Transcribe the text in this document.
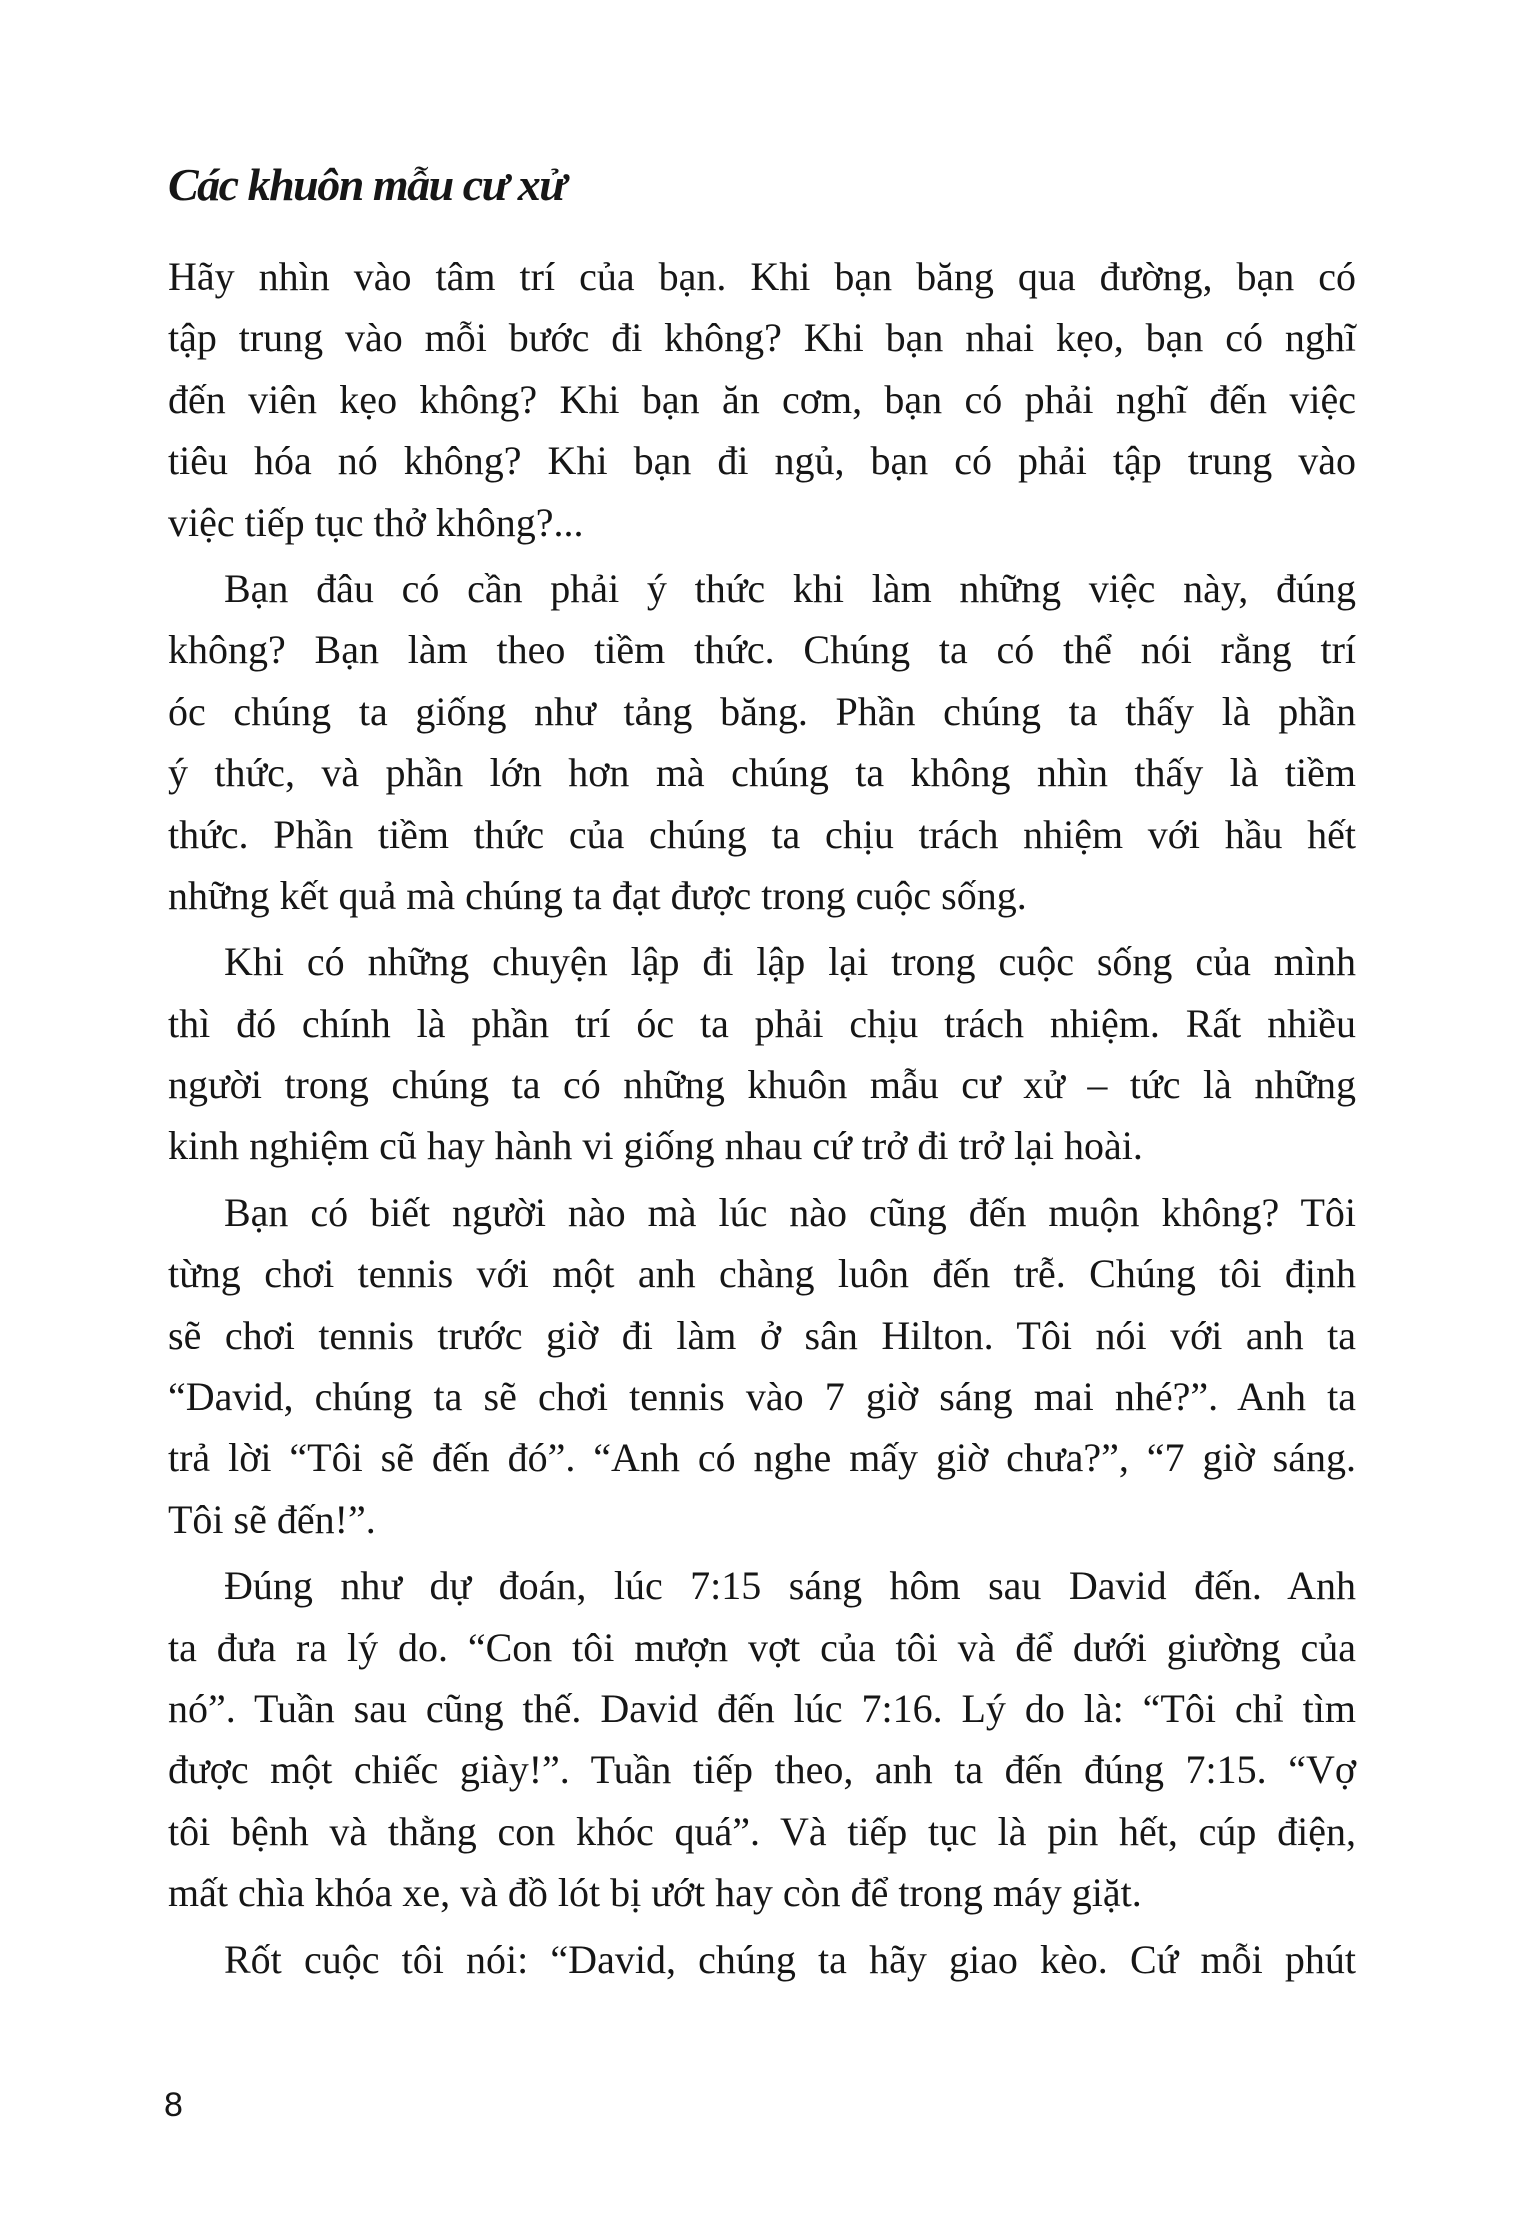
Các khuôn mẫu cư xử
Hãy nhìn vào tâm trí của bạn. Khi bạn băng qua đường, bạn có
tập trung vào mỗi bước đi không? Khi bạn nhai kẹo, bạn có nghĩ
đến viên kẹo không? Khi bạn ăn cơm, bạn có phải nghĩ đến việc
tiêu hóa nó không? Khi bạn đi ngủ, bạn có phải tập trung vào
việc tiếp tục thở không?...
Bạn đâu có cần phải ý thức khi làm những việc này, đúng
không? Bạn làm theo tiềm thức. Chúng ta có thể nói rằng trí
óc chúng ta giống như tảng băng. Phần chúng ta thấy là phần
ý thức, và phần lớn hơn mà chúng ta không nhìn thấy là tiềm
thức. Phần tiềm thức của chúng ta chịu trách nhiệm với hầu hết
những kết quả mà chúng ta đạt được trong cuộc sống.
Khi có những chuyện lập đi lập lại trong cuộc sống của mình
thì đó chính là phần trí óc ta phải chịu trách nhiệm. Rất nhiều
người trong chúng ta có những khuôn mẫu cư xử – tức là những
kinh nghiệm cũ hay hành vi giống nhau cứ trở đi trở lại hoài.
Bạn có biết người nào mà lúc nào cũng đến muộn không? Tôi
từng chơi tennis với một anh chàng luôn đến trễ. Chúng tôi định
sẽ chơi tennis trước giờ đi làm ở sân Hilton. Tôi nói với anh ta
“David, chúng ta sẽ chơi tennis vào 7 giờ sáng mai nhé?”. Anh ta
trả lời “Tôi sẽ đến đó”. “Anh có nghe mấy giờ chưa?”, “7 giờ sáng.
Tôi sẽ đến!”.
Đúng như dự đoán, lúc 7:15 sáng hôm sau David đến. Anh
ta đưa ra lý do. “Con tôi mượn vợt của tôi và để dưới giường của
nó”. Tuần sau cũng thế. David đến lúc 7:16. Lý do là: “Tôi chỉ tìm
được một chiếc giày!”. Tuần tiếp theo, anh ta đến đúng 7:15. “Vợ
tôi bệnh và thằng con khóc quá”. Và tiếp tục là pin hết, cúp điện,
mất chìa khóa xe, và đồ lót bị ướt hay còn để trong máy giặt.
Rốt cuộc tôi nói: “David, chúng ta hãy giao kèo. Cứ mỗi phút
8
